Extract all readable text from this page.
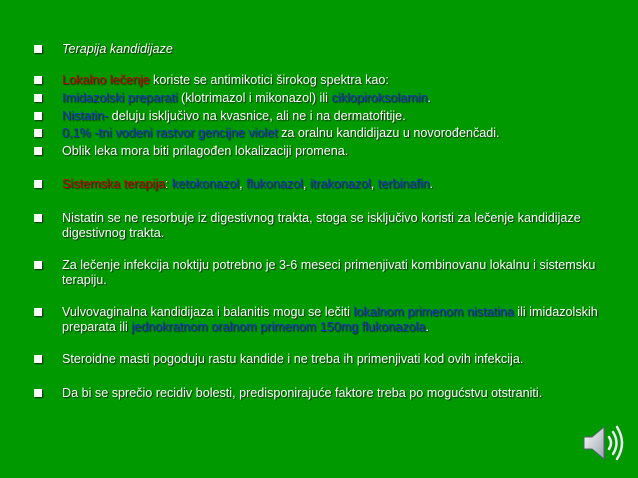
Terapija kandidijaze
Lokalno lečenje koriste se antimikotici širokog spektra kao:
Imidazolski preparati (klotrimazol i mikonazol) ili ciklopiroksolamin.
Nistatin- deluju isključivo na kvasnice, ali ne i na dermatofitije.
0,1% -tni vodeni rastvor gencijne violet za oralnu kandidijazu u novorođenčadi.
Oblik leka mora biti prilagođen lokalizaciji promena.
Sistemska terapija: ketokonazol, flukonazol, itrakonazol, terbinafin.
Nistatin se ne resorbuje iz digestivnog trakta, stoga se isključivo koristi za lečenje kandidijaze digestivnog trakta.
Za lečenje infekcija noktiju potrebno je 3-6 meseci primenjivati kombinovanu lokalnu i sistemsku terapiju.
Vulvovaginalna kandidijaza i balanitis mogu se lečiti lokalnom primenom nistatina ili imidazolskih preparata ili jednokratnom oralnom primenom 150mg flukonazola.
Steroidne masti pogoduju rastu kandide i ne treba ih primenjivati kod ovih infekcija.
Da bi se sprečio recidiv bolesti, predisponirajuće faktore treba po mogućstvu otstraniti.
